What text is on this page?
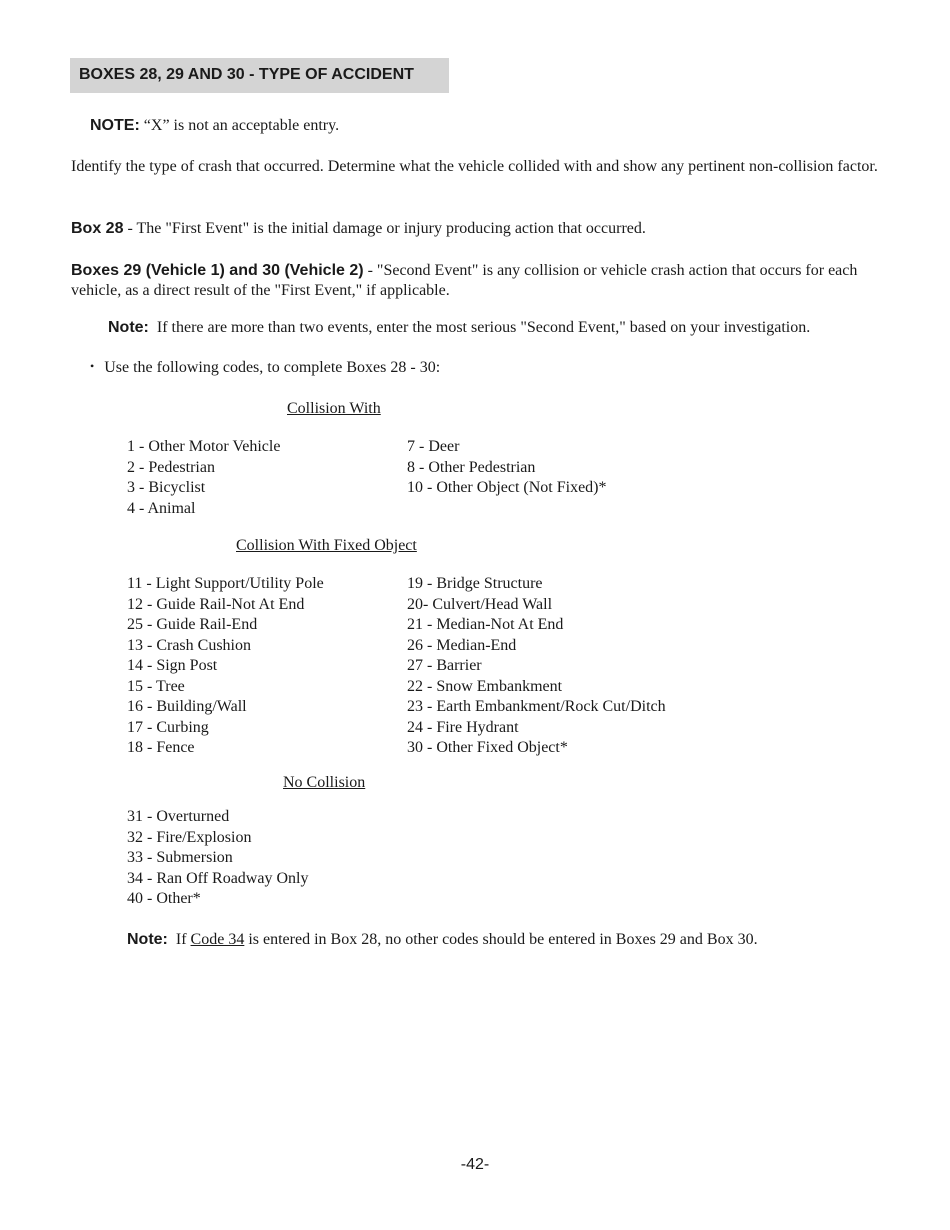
BOXES 28, 29 AND 30 - TYPE OF ACCIDENT

NOTE: “X” is not an acceptable entry.

Identify the type of crash that occurred. Determine what the vehicle collided with and show any pertinent non-collision factor.

Box 28 - The "First Event" is the initial damage or injury producing action that occurred.

Boxes 29 (Vehicle 1) and 30 (Vehicle 2) - "Second Event" is any collision or vehicle crash action that occurs for each vehicle, as a direct result of the "First Event," if applicable.

Note: If there are more than two events, enter the most serious "Second Event," based on your investigation.

• Use the following codes, to complete Boxes 28 - 30:

Collision With

1 - Other Motor Vehicle
2 - Pedestrian
3 - Bicyclist
4 - Animal
7 - Deer
8 - Other Pedestrian
10 - Other Object (Not Fixed)*

Collision With Fixed Object

11 - Light Support/Utility Pole
12 - Guide Rail-Not At End
25 - Guide Rail-End
13 - Crash Cushion
14 - Sign Post
15 - Tree
16 - Building/Wall
17 - Curbing
18 - Fence
19 - Bridge Structure
20- Culvert/Head Wall
21 - Median-Not At End
26 - Median-End
27 - Barrier
22 - Snow Embankment
23 - Earth Embankment/Rock Cut/Ditch
24 - Fire Hydrant
30 - Other Fixed Object*

No Collision

31 - Overturned
32 - Fire/Explosion
33 - Submersion
34 - Ran Off Roadway Only
40 - Other*

Note: If Code 34 is entered in Box 28, no other codes should be entered in Boxes 29 and Box 30.

-42-
